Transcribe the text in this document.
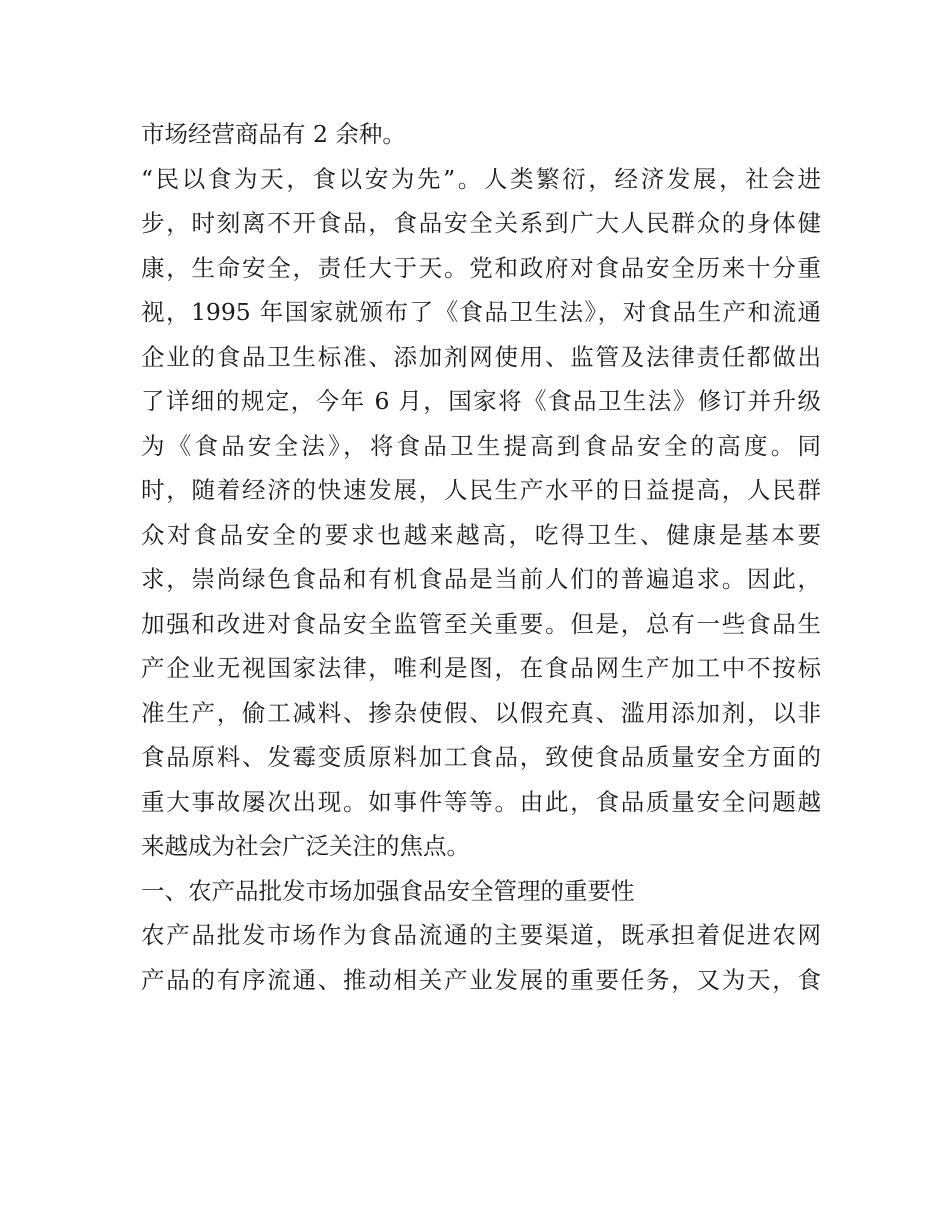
市场经营商品有 2 余种。
“民以食为天，食以安为先”。人类繁衍，经济发展，社会进
步，时刻离不开食品，食品安全关系到广大人民群众的身体健
康，生命安全，责任大于天。党和政府对食品安全历来十分重
视，1995 年国家就颁布了《食品卫生法》，对食品生产和流通
企业的食品卫生标准、添加剂网使用、监管及法律责任都做出
了详细的规定，今年 6 月，国家将《食品卫生法》修订并升级
为《食品安全法》，将食品卫生提高到食品安全的高度。同
时，随着经济的快速发展，人民生产水平的日益提高，人民群
众对食品安全的要求也越来越高，吃得卫生、健康是基本要
求，崇尚绿色食品和有机食品是当前人们的普遍追求。因此，
加强和改进对食品安全监管至关重要。但是，总有一些食品生
产企业无视国家法律，唯利是图，在食品网生产加工中不按标
准生产，偷工减料、掺杂使假、以假充真、滥用添加剂，以非
食品原料、发霉变质原料加工食品，致使食品质量安全方面的
重大事故屡次出现。如事件等等。由此，食品质量安全问题越
来越成为社会广泛关注的焦点。
一、农产品批发市场加强食品安全管理的重要性
农产品批发市场作为食品流通的主要渠道，既承担着促进农网
产品的有序流通、推动相关产业发展的重要任务，又为天，食
